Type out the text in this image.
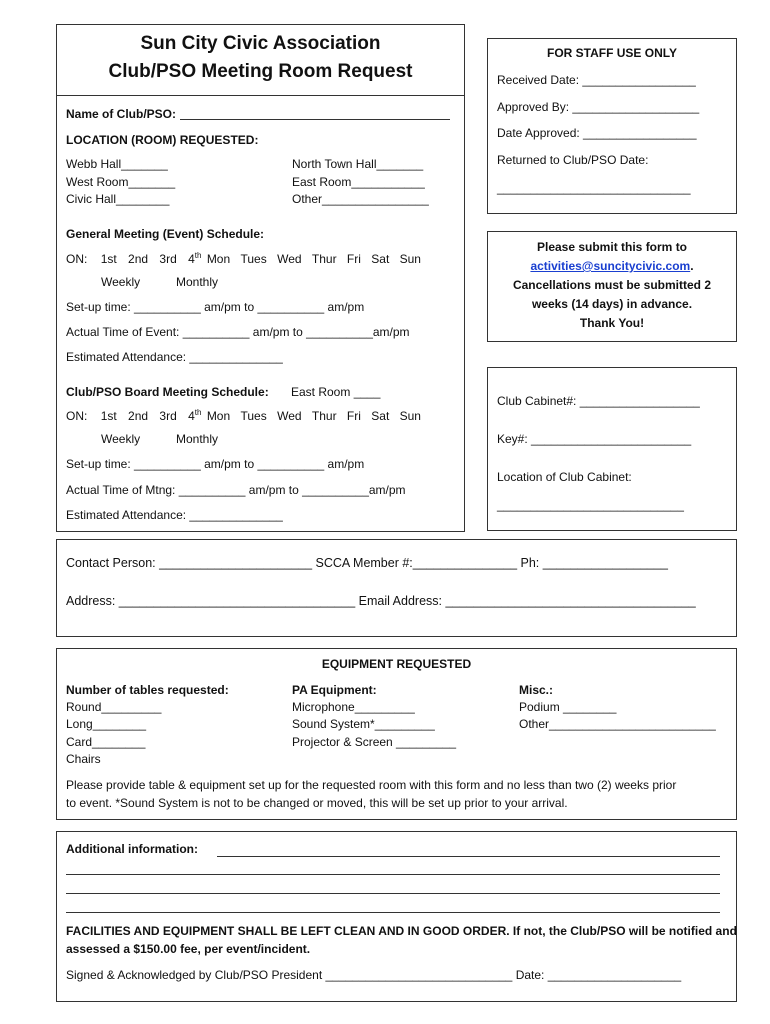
Sun City Civic Association
Club/PSO Meeting Room Request
Name of Club/PSO:
LOCATION (ROOM) REQUESTED:
Webb Hall_______
West Room_______
Civic Hall________
North Town Hall_______
East Room___________
Other________________
General Meeting (Event) Schedule:
ON: 1st 2nd 3rd 4th Mon Tues Wed Thur Fri Sat Sun
Weekly	Monthly
Set-up time: __________ am/pm to __________ am/pm
Actual Time of Event: __________ am/pm to __________am/pm
Estimated Attendance: ______________
Club/PSO Board Meeting Schedule: East Room ____
ON: 1st 2nd 3rd 4th Mon Tues Wed Thur Fri Sat Sun
Weekly	Monthly
Set-up time: __________ am/pm to __________ am/pm
Actual Time of Mtng: __________ am/pm to __________am/pm
Estimated Attendance: ______________
FOR STAFF USE ONLY
Received Date: _________________
Approved By: ___________________
Date Approved: _________________
Returned to Club/PSO Date:
_____________________________
Please submit this form to
activities@suncitycivic.com.
Cancellations must be submitted 2
weeks (14 days) in advance.
Thank You!
Club Cabinet#: __________________
Key#: ________________________
Location of Club Cabinet:
____________________________
Contact Person: ______________________ SCCA Member #:_______________ Ph: __________________
Address: __________________________________ Email Address: ____________________________________
EQUIPMENT REQUESTED
Number of tables requested:
Round_________
Long________
Card________
Chairs
PA Equipment:
Microphone_________
Sound System*_________
Projector & Screen _________
Misc.:
Podium ________
Other_________________________
Please provide table & equipment set up for the requested room with this form and no less than two (2) weeks prior
to event. *Sound System is not to be changed or moved, this will be set up prior to your arrival.
Additional information:
FACILITIES AND EQUIPMENT SHALL BE LEFT CLEAN AND IN GOOD ORDER. If not, the Club/PSO will be notified and
assessed a $150.00 fee, per event/incident.
Signed & Acknowledged by Club/PSO President ____________________________ Date: ____________________
